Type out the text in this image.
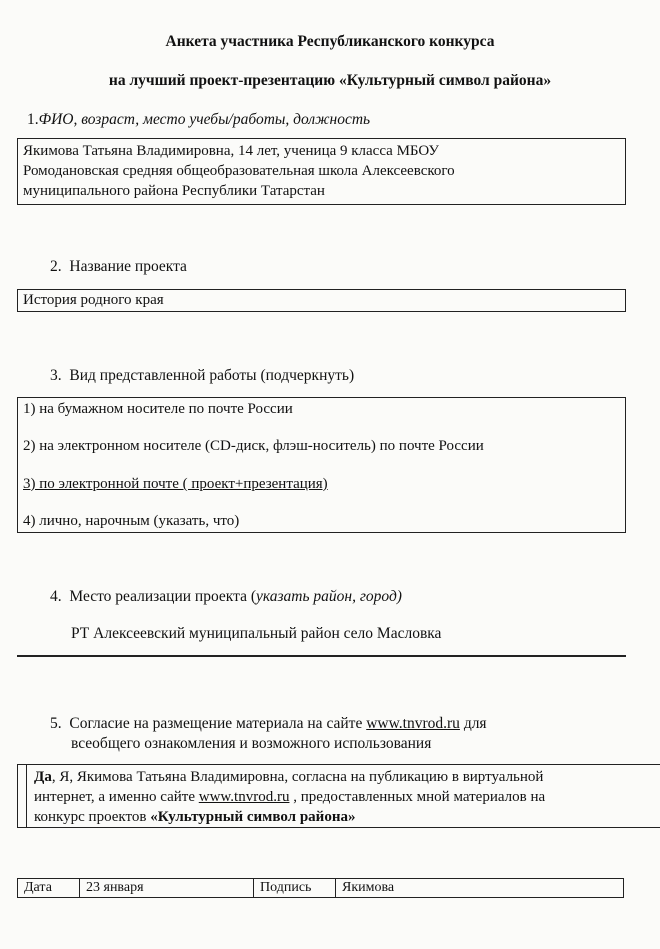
Анкета участника Республиканского конкурса
на лучший проект-презентацию «Культурный символ района»
1.ФИО, возраст, место учебы/работы, должность
Якимова Татьяна Владимировна, 14 лет, ученица 9 класса МБОУ
Ромодановская средняя общеобразовательная школа Алексеевского
муниципального района Республики Татарстан
2. Название проекта
История родного края
3. Вид представленной работы (подчеркнуть)
1) на бумажном носителе по почте России
2) на электронном носителе (CD-диск, флэш-носитель) по почте России
3) по электронной почте ( проект+презентация)
4) лично, нарочным (указать, что)
4. Место реализации проекта (указать район, город)
РТ Алексеевский муниципальный район село Масловка
5. Согласие на размещение материала на сайте www.tnvrod.ru для
всеобщего ознакомления и возможного использования
Да, Я, Якимова Татьяна Владимировна, согласна на публикацию в виртуальной
интернет, а именно сайте www.tnvrod.ru , предоставленных мной материалов на
конкурс проектов «Культурный символ района»
Дата	23 января	Подпись	Якимова
